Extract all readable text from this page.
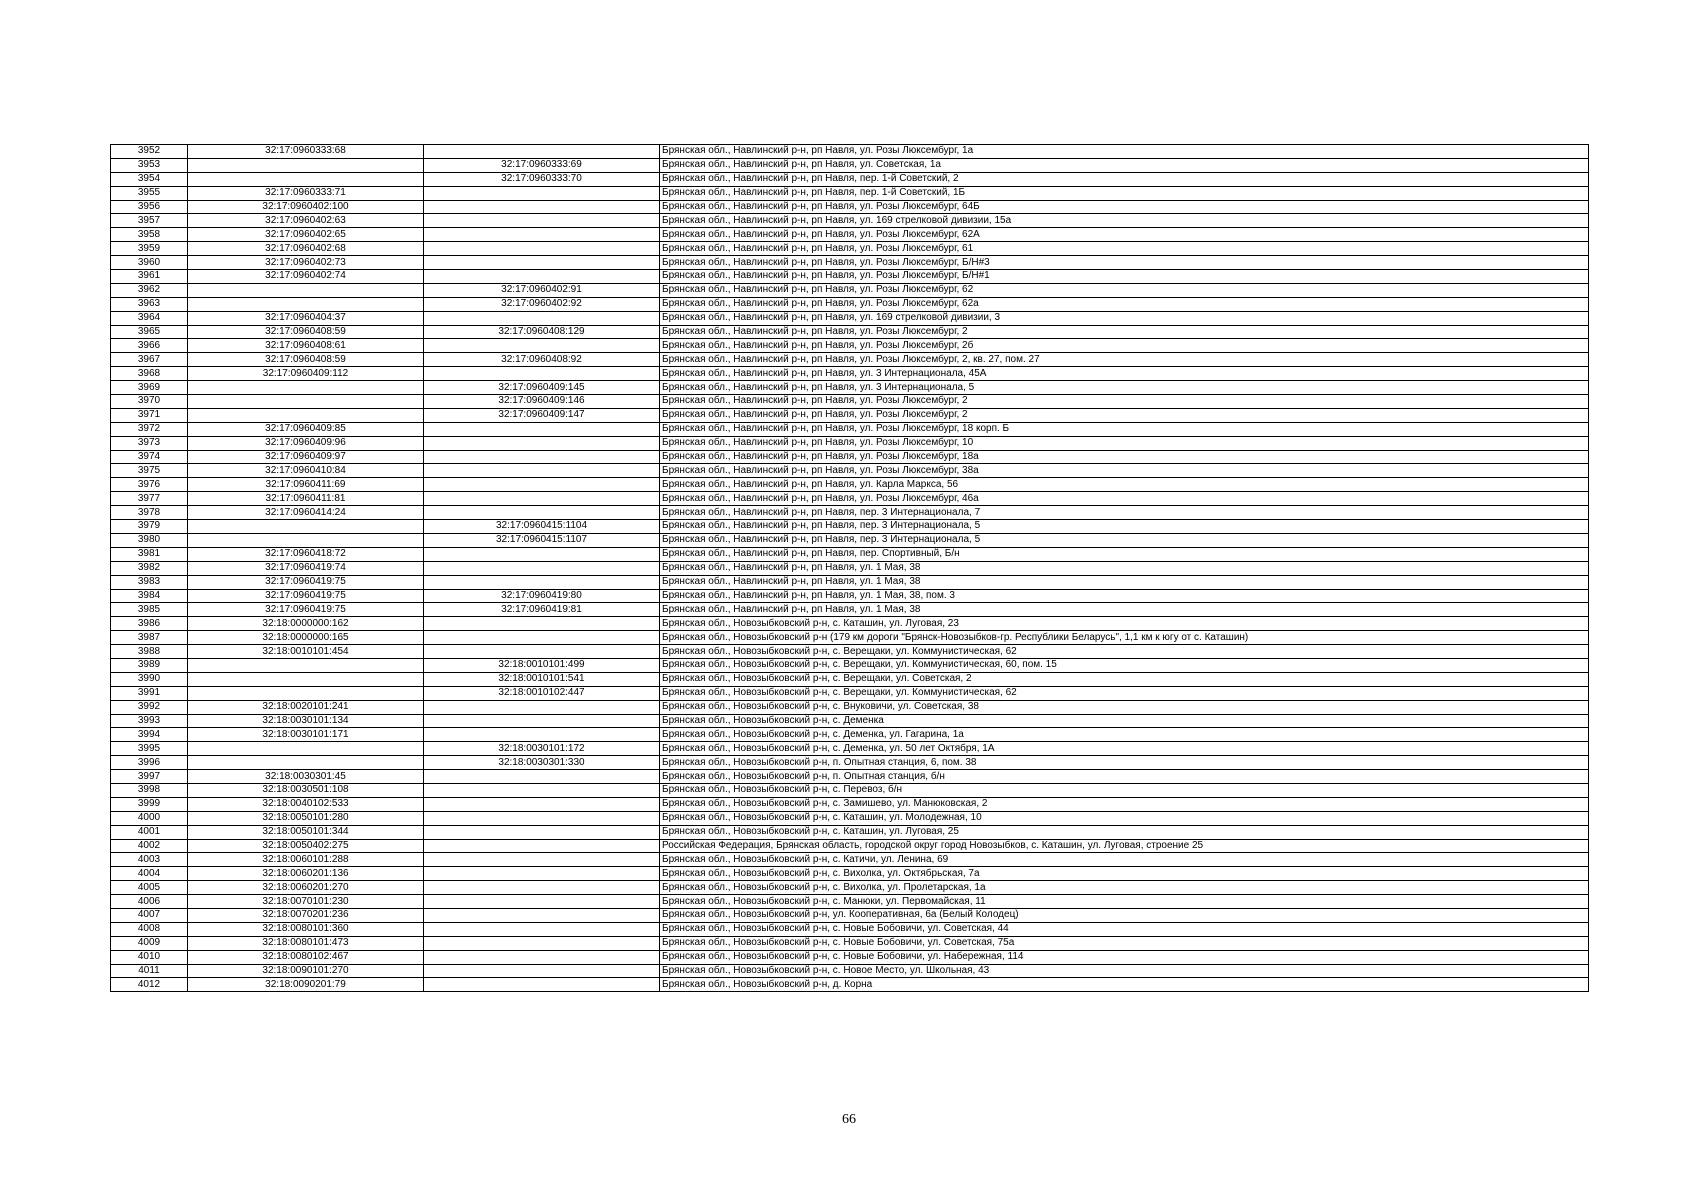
3952	32:17:0960333:68		Брянская обл., Навлинский р-н, рп Навля, ул. Розы Люксембург, 1а
3953		32:17:0960333:69	Брянская обл., Навлинский р-н, рп Навля, ул. Советская, 1а
3954		32:17:0960333:70	Брянская обл., Навлинский р-н, рп Навля, пер. 1-й Советский, 2
3955	32:17:0960333:71		Брянская обл., Навлинский р-н, рп Навля, пер. 1-й Советский, 1Б
3956	32:17:0960402:100		Брянская обл., Навлинский р-н, рп Навля, ул. Розы Люксембург, 64Б
3957	32:17:0960402:63		Брянская обл., Навлинский р-н, рп Навля, ул. 169 стрелковой дивизии, 15а
3958	32:17:0960402:65		Брянская обл., Навлинский р-н, рп Навля, ул. Розы Люксембург, 62А
3959	32:17:0960402:68		Брянская обл., Навлинский р-н, рп Навля, ул. Розы Люксембург, 61
3960	32:17:0960402:73		Брянская обл., Навлинский р-н, рп Навля, ул. Розы Люксембург, Б/Н#3
3961	32:17:0960402:74		Брянская обл., Навлинский р-н, рп Навля, ул. Розы Люксембург, Б/Н#1
3962		32:17:0960402:91	Брянская обл., Навлинский р-н, рп Навля, ул. Розы Люксембург, 62
3963		32:17:0960402:92	Брянская обл., Навлинский р-н, рп Навля, ул. Розы Люксембург, 62а
3964	32:17:0960404:37		Брянская обл., Навлинский р-н, рп Навля, ул. 169 стрелковой дивизии, 3
3965	32:17:0960408:59	32:17:0960408:129	Брянская обл., Навлинский р-н, рп Навля, ул. Розы Люксембург, 2
3966	32:17:0960408:61		Брянская обл., Навлинский р-н, рп Навля, ул. Розы Люксембург, 2б
3967	32:17:0960408:59	32:17:0960408:92	Брянская обл., Навлинский р-н, рп Навля, ул. Розы Люксембург, 2, кв. 27, пом. 27
3968	32:17:0960409:112		Брянская обл., Навлинский р-н, рп Навля, ул. 3 Интернационала, 45А
3969		32:17:0960409:145	Брянская обл., Навлинский р-н, рп Навля, ул. 3 Интернационала, 5
3970		32:17:0960409:146	Брянская обл., Навлинский р-н, рп Навля, ул. Розы Люксембург, 2
3971		32:17:0960409:147	Брянская обл., Навлинский р-н, рп Навля, ул. Розы Люксембург, 2
3972	32:17:0960409:85		Брянская обл., Навлинский р-н, рп Навля, ул. Розы Люксембург, 18 корп. Б
3973	32:17:0960409:96		Брянская обл., Навлинский р-н, рп Навля, ул. Розы Люксембург, 10
3974	32:17:0960409:97		Брянская обл., Навлинский р-н, рп Навля, ул. Розы Люксембург, 18а
3975	32:17:0960410:84		Брянская обл., Навлинский р-н, рп Навля, ул. Розы Люксембург, 38а
3976	32:17:0960411:69		Брянская обл., Навлинский р-н, рп Навля, ул. Карла Маркса, 56
3977	32:17:0960411:81		Брянская обл., Навлинский р-н, рп Навля, ул. Розы Люксембург, 46а
3978	32:17:0960414:24		Брянская обл., Навлинский р-н, рп Навля, пер. 3 Интернационала, 7
3979		32:17:0960415:1104	Брянская обл., Навлинский р-н, рп Навля, пер. 3 Интернационала, 5
3980		32:17:0960415:1107	Брянская обл., Навлинский р-н, рп Навля, пер. 3 Интернационала, 5
3981	32:17:0960418:72		Брянская обл., Навлинский р-н, рп Навля, пер. Спортивный, Б/н
3982	32:17:0960419:74		Брянская обл., Навлинский р-н, рп Навля, ул. 1 Мая, 38
3983	32:17:0960419:75		Брянская обл., Навлинский р-н, рп Навля, ул. 1 Мая, 38
3984	32:17:0960419:75	32:17:0960419:80	Брянская обл., Навлинский р-н, рп Навля, ул. 1 Мая, 38, пом. 3
3985	32:17:0960419:75	32:17:0960419:81	Брянская обл., Навлинский р-н, рп Навля, ул. 1 Мая, 38
3986	32:18:0000000:162		Брянская обл., Новозыбковский р-н, с. Каташин, ул. Луговая, 23
3987	32:18:0000000:165		Брянская обл., Новозыбковский р-н (179 км дороги "Брянск-Новозыбков-гр. Республики Беларусь", 1,1 км к югу от с. Каташин)
3988	32:18:0010101:454		Брянская обл., Новозыбковский р-н, с. Верещаки, ул. Коммунистическая, 62
3989		32:18:0010101:499	Брянская обл., Новозыбковский р-н, с. Верещаки, ул. Коммунистическая, 60, пом. 15
3990		32:18:0010101:541	Брянская обл., Новозыбковский р-н, с. Верещаки, ул. Советская, 2
3991		32:18:0010102:447	Брянская обл., Новозыбковский р-н, с. Верещаки, ул. Коммунистическая, 62
3992	32:18:0020101:241		Брянская обл., Новозыбковский р-н, с. Внуковичи, ул. Советская, 38
3993	32:18:0030101:134		Брянская обл., Новозыбковский р-н, с. Деменка
3994	32:18:0030101:171		Брянская обл., Новозыбковский р-н, с. Деменка, ул. Гагарина, 1а
3995		32:18:0030101:172	Брянская обл., Новозыбковский р-н, с. Деменка, ул. 50 лет Октября, 1А
3996		32:18:0030301:330	Брянская обл., Новозыбковский р-н, п. Опытная станция, 6, пом. 38
3997	32:18:0030301:45		Брянская обл., Новозыбковский р-н, п. Опытная станция, б/н
3998	32:18:0030501:108		Брянская обл., Новозыбковский р-н, с. Перевоз, б/н
3999	32:18:0040102:533		Брянская обл., Новозыбковский р-н, с. Замишево, ул. Манюковская, 2
4000	32:18:0050101:280		Брянская обл., Новозыбковский р-н, с. Каташин, ул. Молодежная, 10
4001	32:18:0050101:344		Брянская обл., Новозыбковский р-н, с. Каташин, ул. Луговая, 25
4002	32:18:0050402:275		Российская Федерация, Брянская область, городской округ город Новозыбков, с. Каташин, ул. Луговая, строение 25
4003	32:18:0060101:288		Брянская обл., Новозыбковский р-н, с. Катичи, ул. Ленина, 69
4004	32:18:0060201:136		Брянская обл., Новозыбковский р-н, с. Вихолка, ул. Октябрьская, 7а
4005	32:18:0060201:270		Брянская обл., Новозыбковский р-н, с. Вихолка, ул. Пролетарская, 1а
4006	32:18:0070101:230		Брянская обл., Новозыбковский р-н, с. Манюки, ул. Первомайская, 11
4007	32:18:0070201:236		Брянская обл., Новозыбковский р-н, ул. Кооперативная, 6а (Белый Колодец)
4008	32:18:0080101:360		Брянская обл., Новозыбковский р-н, с. Новые Бобовичи, ул. Советская, 44
4009	32:18:0080101:473		Брянская обл., Новозыбковский р-н, с. Новые Бобовичи, ул. Советская, 75а
4010	32:18:0080102:467		Брянская обл., Новозыбковский р-н, с. Новые Бобовичи, ул. Набережная, 114
4011	32:18:0090101:270		Брянская обл., Новозыбковский р-н, с. Новое Место, ул. Школьная, 43
4012	32:18:0090201:79		Брянская обл., Новозыбковский р-н, д. Корна
66
